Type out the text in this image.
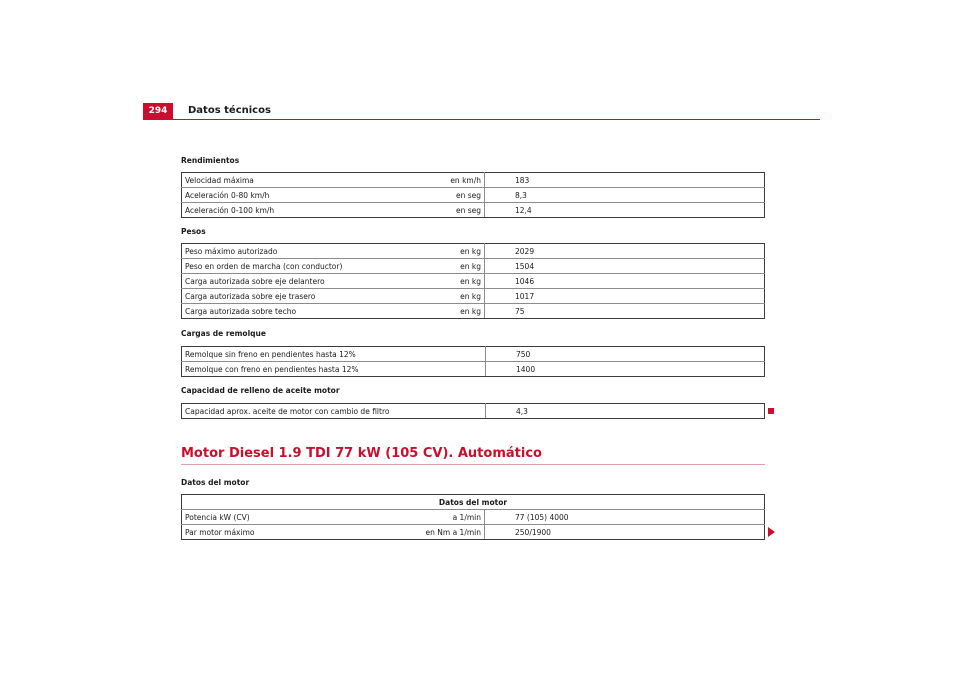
294	Datos técnicos
Rendimientos
Velocidad máxima	en km/h	183
Aceleración 0-80 km/h	en seg	8,3
Aceleración 0-100 km/h	en seg	12,4
Pesos
Peso máximo autorizado	en kg	2029
Peso en orden de marcha (con conductor)	en kg	1504
Carga autorizada sobre eje delantero	en kg	1046
Carga autorizada sobre eje trasero	en kg	1017
Carga autorizada sobre techo	en kg	75
Cargas de remolque
Remolque sin freno en pendientes hasta 12%	750
Remolque con freno en pendientes hasta 12%	1400
Capacidad de relleno de aceite motor
Capacidad aprox. aceite de motor con cambio de filtro	4,3
Motor Diesel 1.9 TDI 77 kW (105 CV). Automático
Datos del motor
Datos del motor		
Potencia kW (CV)	a 1/min	77 (105) 4000
Par motor máximo	en Nm a 1/min	250/1900
